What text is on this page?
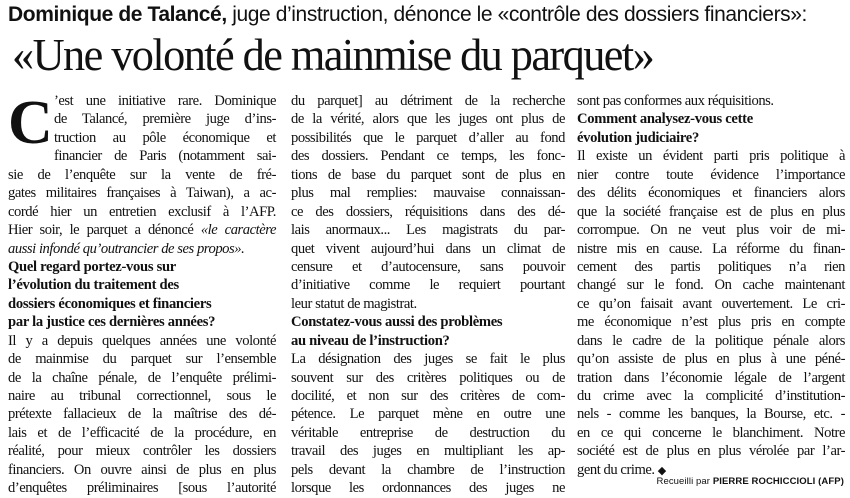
Dominique de Talancé, juge d’instruction, dénonce le «contrôle des dossiers financiers»:
«Une volonté de mainmise du parquet»
C ’est une initiative rare. Dominique
de Talancé, première juge d’ins-
truction au pôle économique et
financier de Paris (notamment sai-
sie de l’enquête sur la vente de fré-
gates militaires françaises à Taiwan), a ac-
cordé hier un entretien exclusif à l’AFP.
Hier soir, le parquet a dénoncé «le caractère
aussi infondé qu’outrancier de ses propos».
Quel regard portez-vous sur
l’évolution du traitement des
dossiers économiques et financiers
par la justice ces dernières années?
Il y a depuis quelques années une volonté
de mainmise du parquet sur l’ensemble
de la chaîne pénale, de l’enquête prélimi-
naire au tribunal correctionnel, sous le
prétexte fallacieux de la maîtrise des dé-
lais et de l’efficacité de la procédure, en
réalité, pour mieux contrôler les dossiers
financiers. On ouvre ainsi de plus en plus
d’enquêtes préliminaires [sous l’autorité
du parquet] au détriment de la recherche
de la vérité, alors que les juges ont plus de
possibilités que le parquet d’aller au fond
des dossiers. Pendant ce temps, les fonc-
tions de base du parquet sont de plus en
plus mal remplies: mauvaise connaissan-
ce des dossiers, réquisitions dans des dé-
lais anormaux... Les magistrats du par-
quet vivent aujourd’hui dans un climat de
censure et d’autocensure, sans pouvoir
d’initiative comme le requiert pourtant
leur statut de magistrat.
Constatez-vous aussi des problèmes
au niveau de l’instruction?
La désignation des juges se fait le plus
souvent sur des critères politiques ou de
docilité, et non sur des critères de com-
pétence. Le parquet mène en outre une
véritable entreprise de destruction du
travail des juges en multipliant les ap-
pels devant la chambre de l’instruction
lorsque les ordonnances des juges ne
sont pas conformes aux réquisitions.
Comment analysez-vous cette
évolution judiciaire?
Il existe un évident parti pris politique à
nier contre toute évidence l’importance
des délits économiques et financiers alors
que la société française est de plus en plus
corrompue. On ne veut plus voir de mi-
nistre mis en cause. La réforme du finan-
cement des partis politiques n’a rien
changé sur le fond. On cache maintenant
ce qu’on faisait avant ouvertement. Le cri-
me économique n’est plus pris en compte
dans le cadre de la politique pénale alors
qu’on assiste de plus en plus à une péné-
tration dans l’économie légale de l’argent
du crime avec la complicité d’institution-
nels - comme les banques, la Bourse, etc. -
en ce qui concerne le blanchiment. Notre
société est de plus en plus vérolée par l’ar-
gent du crime. ◆
Recueilli par PIERRE ROCHICCIOLI (AFP)
